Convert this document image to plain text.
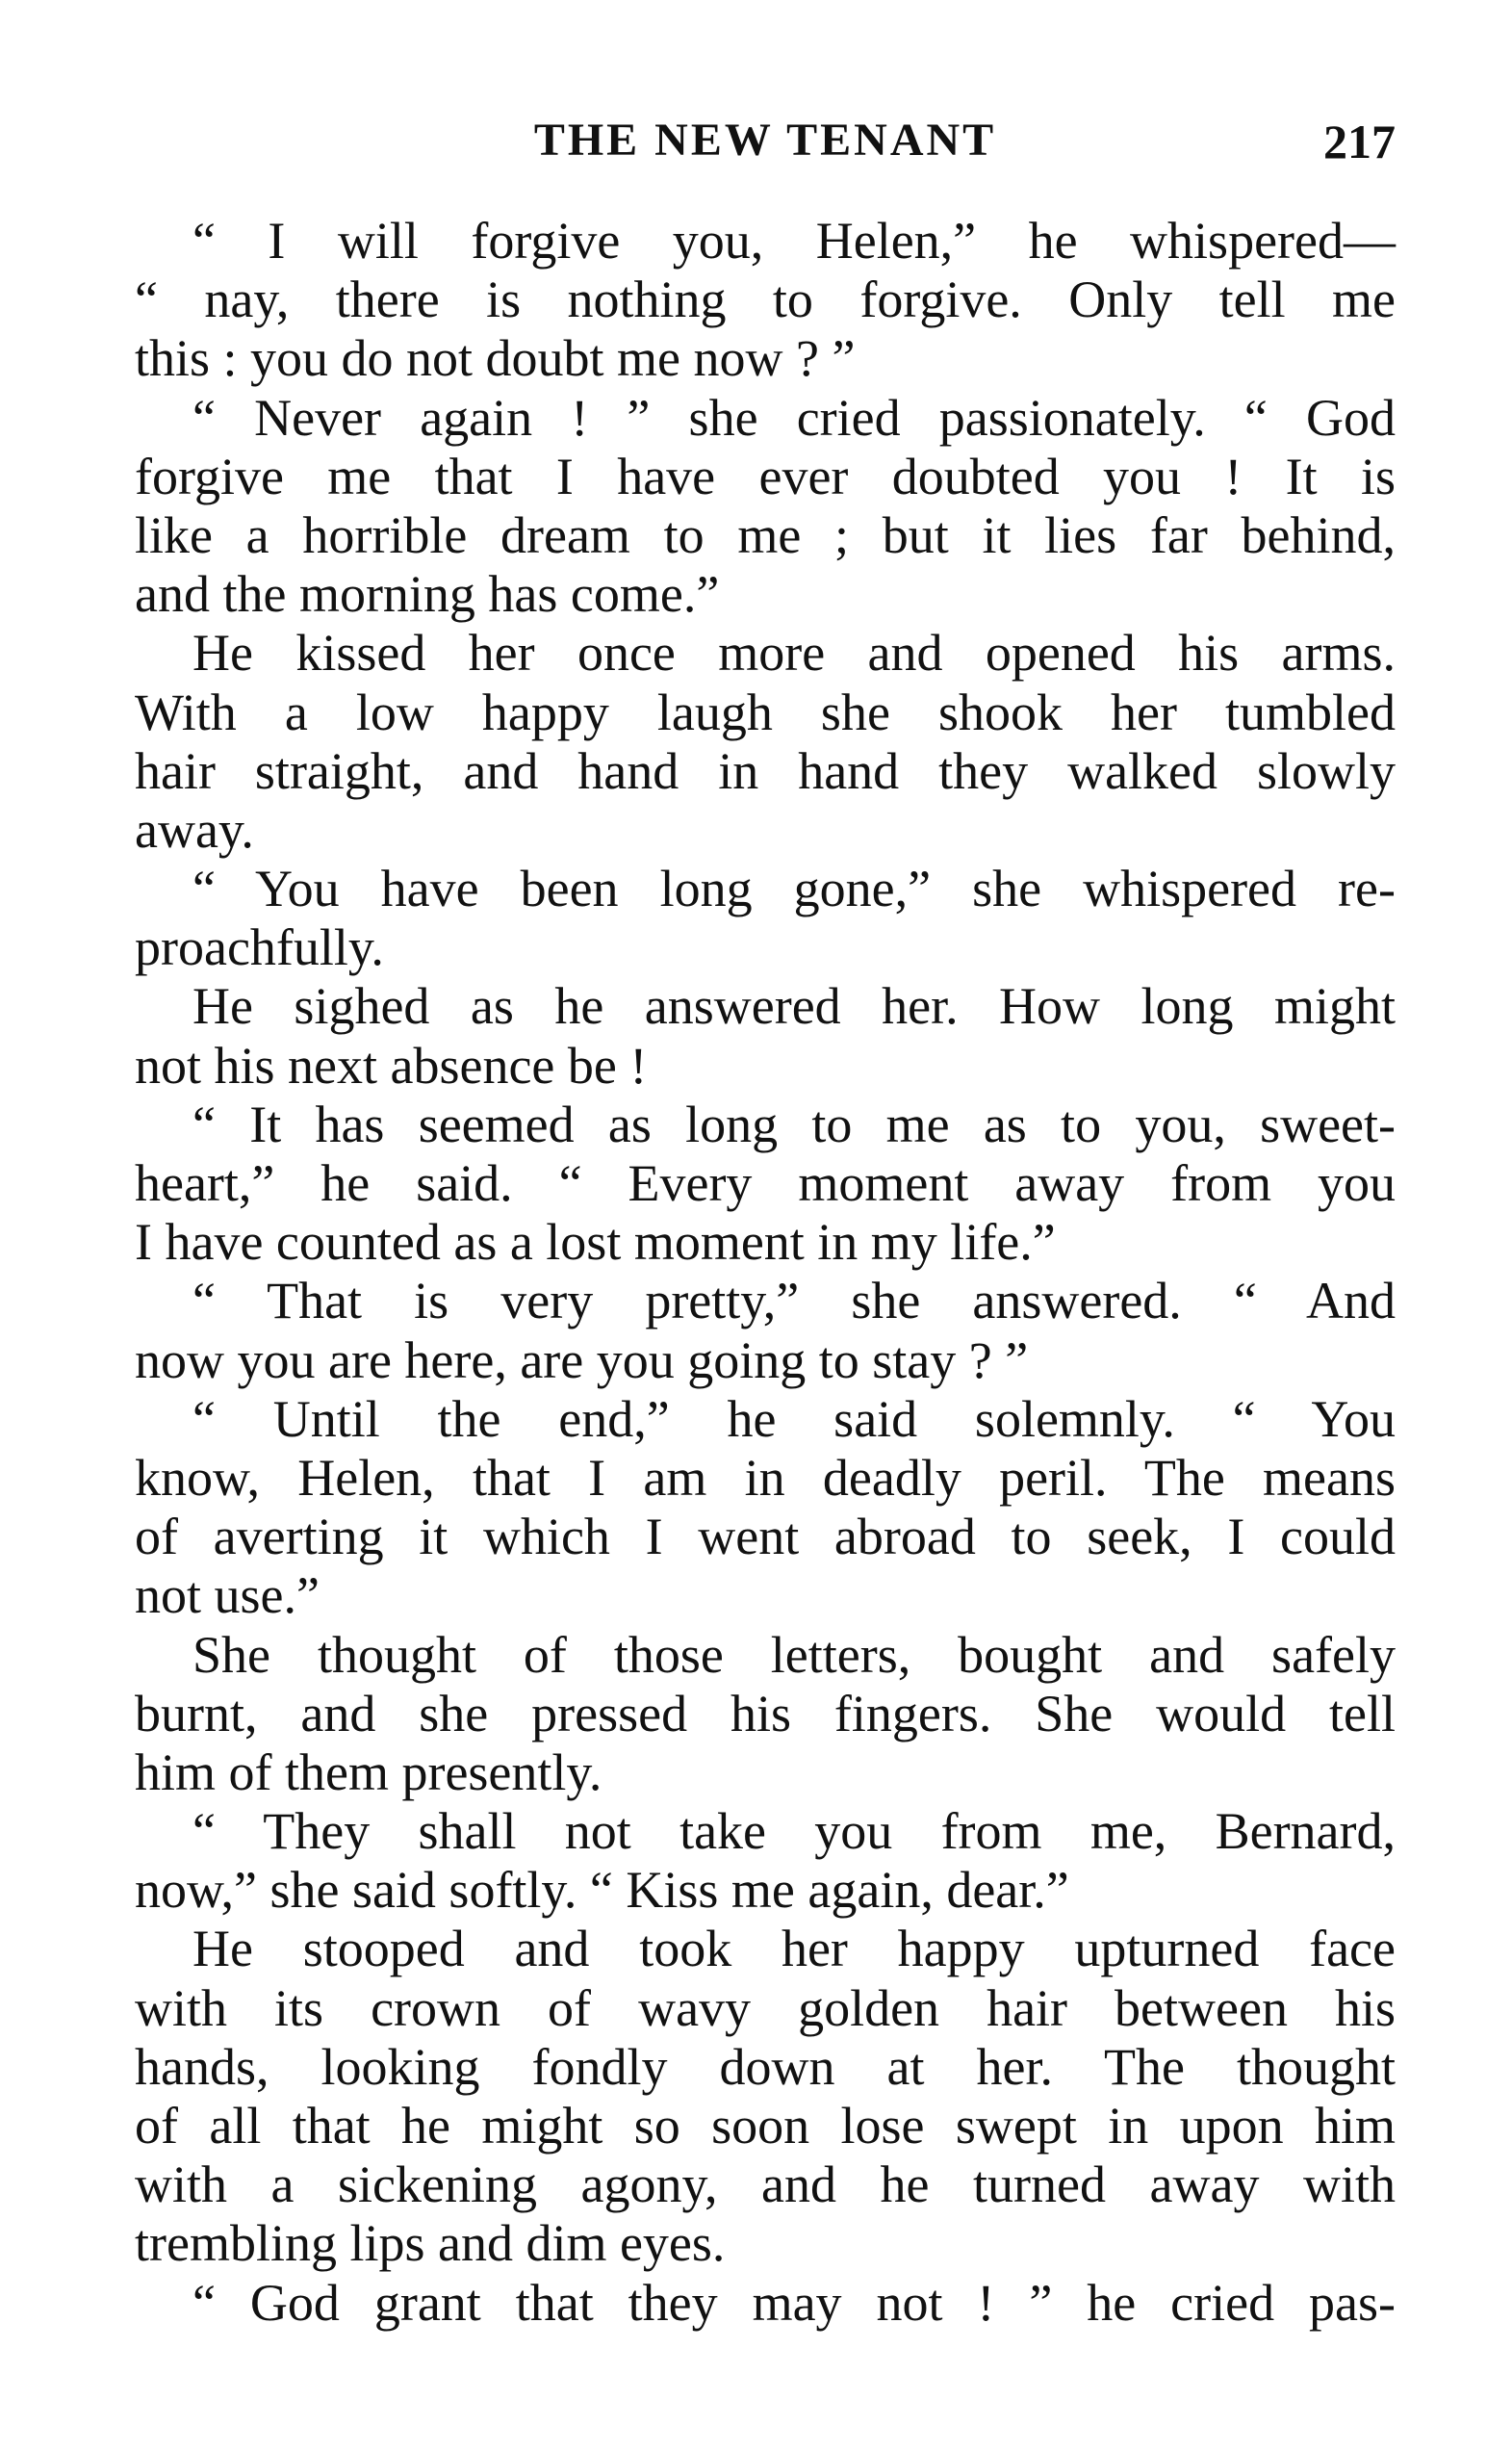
THE NEW TENANT	217
“ I will forgive you, Helen,” he whispered—
“ nay, there is nothing to forgive. Only tell me
this : you do not doubt me now ? ”
“ Never again ! ” she cried passionately. “ God
forgive me that I have ever doubted you ! It is
like a horrible dream to me ; but it lies far behind,
and the morning has come.”
He kissed her once more and opened his arms.
With a low happy laugh she shook her tumbled
hair straight, and hand in hand they walked slowly
away.
“ You have been long gone,” she whispered re-
proachfully.
He sighed as he answered her. How long might
not his next absence be !
“ It has seemed as long to me as to you, sweet-
heart,” he said. “ Every moment away from you
I have counted as a lost moment in my life.”
“ That is very pretty,” she answered. “ And
now you are here, are you going to stay ? ”
“ Until the end,” he said solemnly. “ You
know, Helen, that I am in deadly peril. The means
of averting it which I went abroad to seek, I could
not use.”
She thought of those letters, bought and safely
burnt, and she pressed his fingers. She would tell
him of them presently.
“ They shall not take you from me, Bernard,
now,” she said softly. “ Kiss me again, dear.”
He stooped and took her happy upturned face
with its crown of wavy golden hair between his
hands, looking fondly down at her. The thought
of all that he might so soon lose swept in upon him
with a sickening agony, and he turned away with
trembling lips and dim eyes.
“ God grant that they may not ! ” he cried pas-
